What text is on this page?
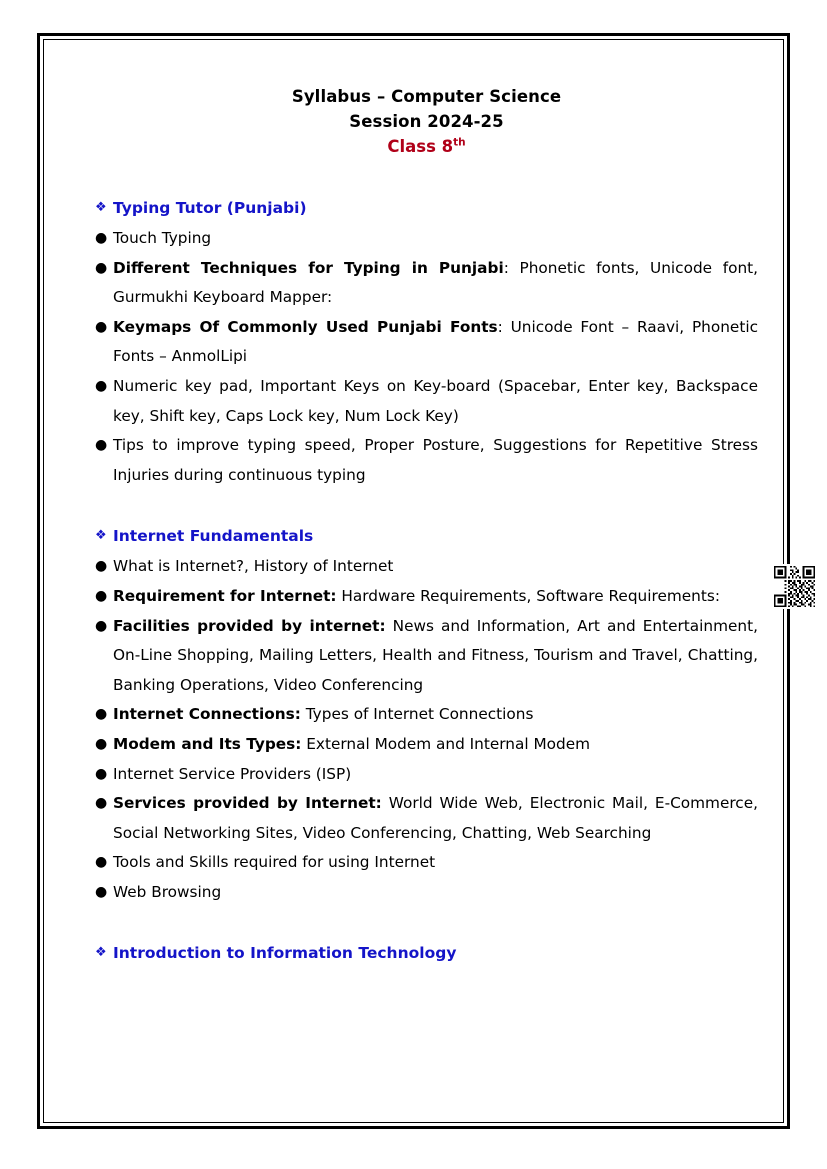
Syllabus – Computer Science
Session 2024-25
Class 8th
❖ Typing Tutor (Punjabi)
● Touch Typing
● Different Techniques for Typing in Punjabi: Phonetic fonts, Unicode font, Gurmukhi Keyboard Mapper:
● Keymaps Of Commonly Used Punjabi Fonts: Unicode Font – Raavi, Phonetic Fonts – AnmolLipi
● Numeric key pad, Important Keys on Key-board (Spacebar, Enter key, Backspace key, Shift key, Caps Lock key, Num Lock Key)
● Tips to improve typing speed, Proper Posture, Suggestions for Repetitive Stress Injuries during continuous typing
❖ Internet Fundamentals
● What is Internet?, History of Internet
● Requirement for Internet: Hardware Requirements, Software Requirements:
● Facilities provided by internet: News and Information, Art and Entertainment, On-Line Shopping, Mailing Letters, Health and Fitness, Tourism and Travel, Chatting, Banking Operations, Video Conferencing
● Internet Connections: Types of Internet Connections
● Modem and Its Types: External Modem and Internal Modem
● Internet Service Providers (ISP)
● Services provided by Internet: World Wide Web, Electronic Mail, E-Commerce, Social Networking Sites, Video Conferencing, Chatting, Web Searching
● Tools and Skills required for using Internet
● Web Browsing
❖ Introduction to Information Technology
